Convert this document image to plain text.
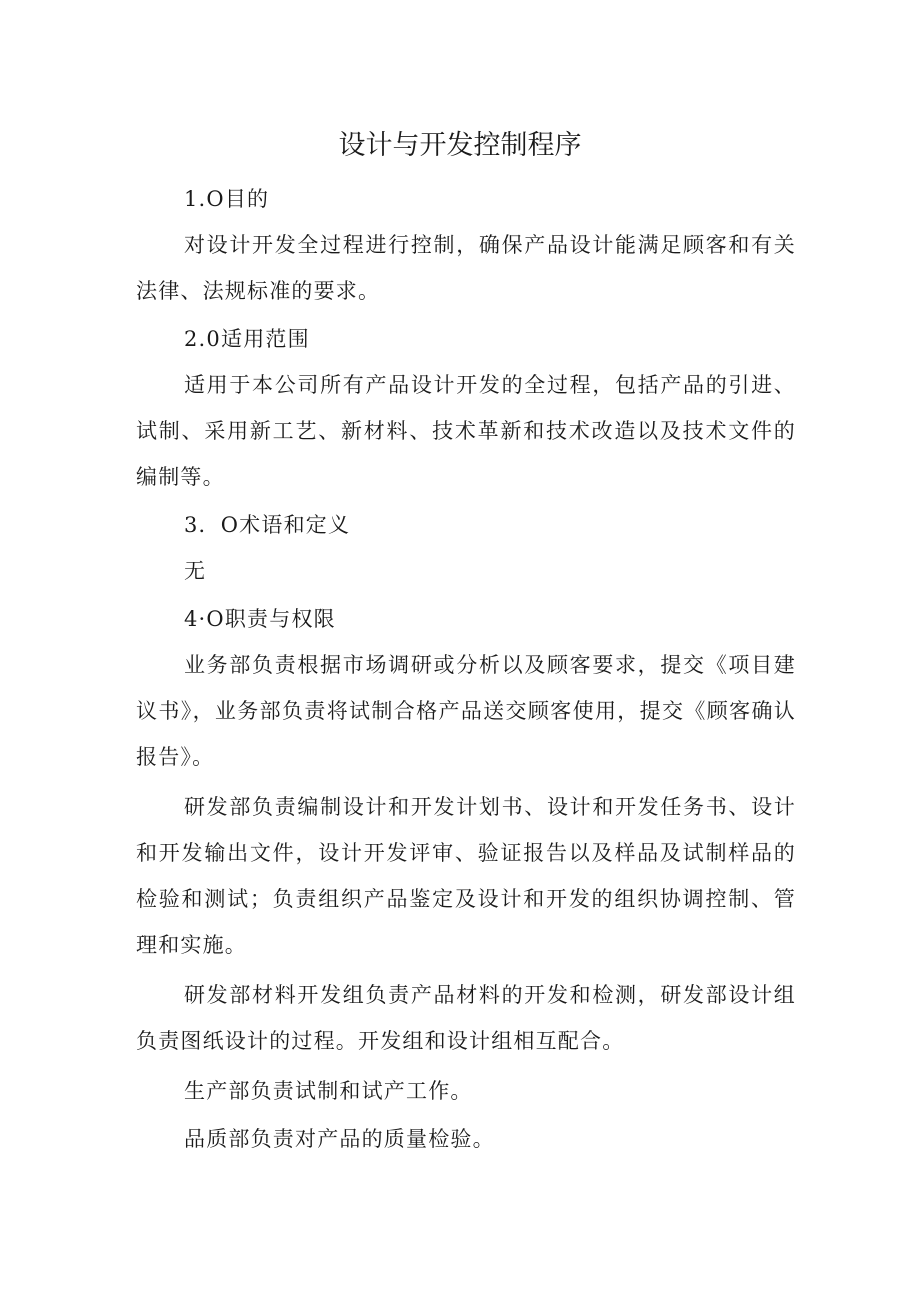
设计与开发控制程序

1.O目的

对设计开发全过程进行控制，确保产品设计能满足顾客和有关法律、法规标准的要求。

2.0适用范围

适用于本公司所有产品设计开发的全过程，包括产品的引进、试制、采用新工艺、新材料、技术革新和技术改造以及技术文件的编制等。

3．O术语和定义

无

4·O职责与权限

业务部负责根据市场调研或分析以及顾客要求，提交《项目建议书》，业务部负责将试制合格产品送交顾客使用，提交《顾客确认报告》。

研发部负责编制设计和开发计划书、设计和开发任务书、设计和开发输出文件，设计开发评审、验证报告以及样品及试制样品的检验和测试；负责组织产品鉴定及设计和开发的组织协调控制、管理和实施。

研发部材料开发组负责产品材料的开发和检测，研发部设计组负责图纸设计的过程。开发组和设计组相互配合。

生产部负责试制和试产工作。

品质部负责对产品的质量检验。
